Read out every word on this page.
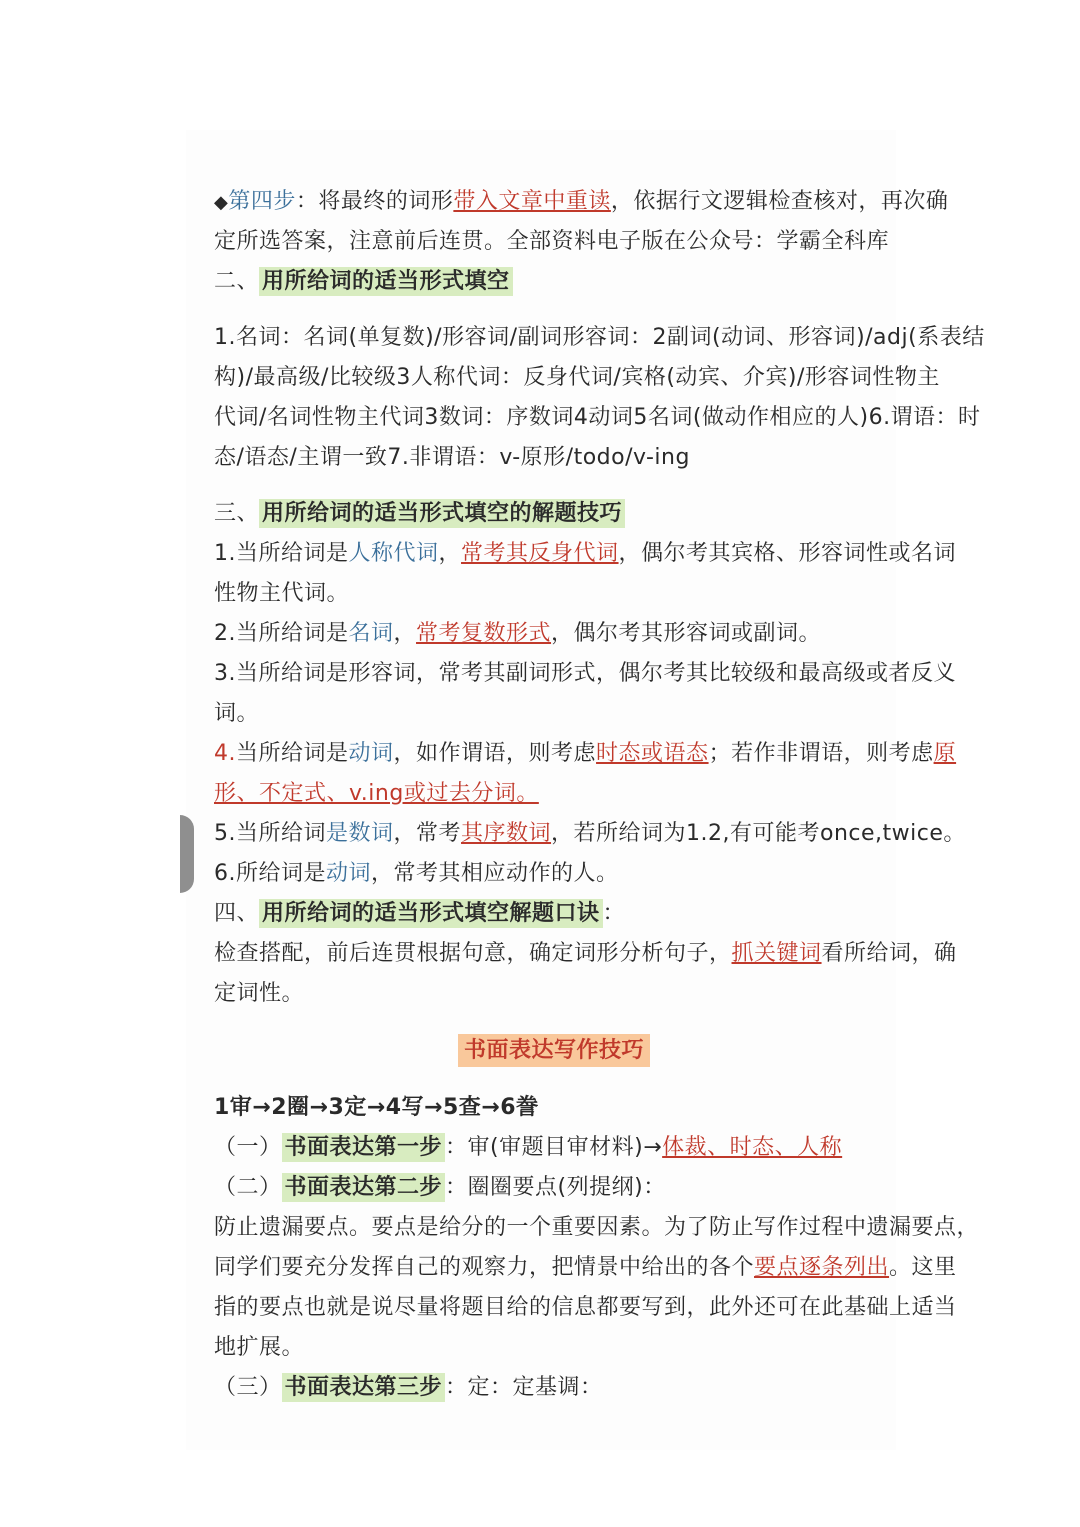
◆第四步：将最终的词形带入文章中重读，依据行文逻辑检查核对，再次确
定所选答案，注意前后连贯。全部资料电子版在公众号：学霸全科库
二、 用所给词的适当形式填空
1.名词：名词(单复数)/形容词/副词形容词：2副词(动词、形容词)/adj(系表结
构)/最高级/比较级3人称代词：反身代词/宾格(动宾、介宾)/形容词性物主
代词/名词性物主代词3数词：序数词4动词5名词(做动作相应的人)6.谓语：时
态/语态/主谓一致7.非谓语：v-原形/todo/v-ing
三、 用所给词的适当形式填空的解题技巧
1.当所给词是人称代词，常考其反身代词，偶尔考其宾格、形容词性或名词
性物主代词。
2.当所给词是名词，常考复数形式，偶尔考其形容词或副词。
3.当所给词是形容词，常考其副词形式，偶尔考其比较级和最高级或者反义
词。
4.当所给词是动词，如作谓语，则考虑时态或语态；若作非谓语，则考虑原
形、不定式、v.ing或过去分词。
5.当所给词是数词，常考其序数词，若所给词为1.2,有可能考once,twice。
6.所给词是动词，常考其相应动作的人。
四、 用所给词的适当形式填空解题口诀 ：
检查搭配，前后连贯根据句意，确定词形分析句子，抓关键词看所给词，确
定词性。
书面表达写作技巧
1审→2圈→3定→4写→5查→6誊
（一） 书面表达第一步 ：审(审题目审材料)→体裁、时态、人称
（二） 书面表达第二步 ：圈圈要点(列提纲)：
防止遗漏要点。要点是给分的一个重要因素。为了防止写作过程中遗漏要点，
同学们要充分发挥自己的观察力，把情景中给出的各个要点逐条列出。这里
指的要点也就是说尽量将题目给的信息都要写到，此外还可在此基础上适当
地扩展。
（三） 书面表达第三步 ：定：定基调：
